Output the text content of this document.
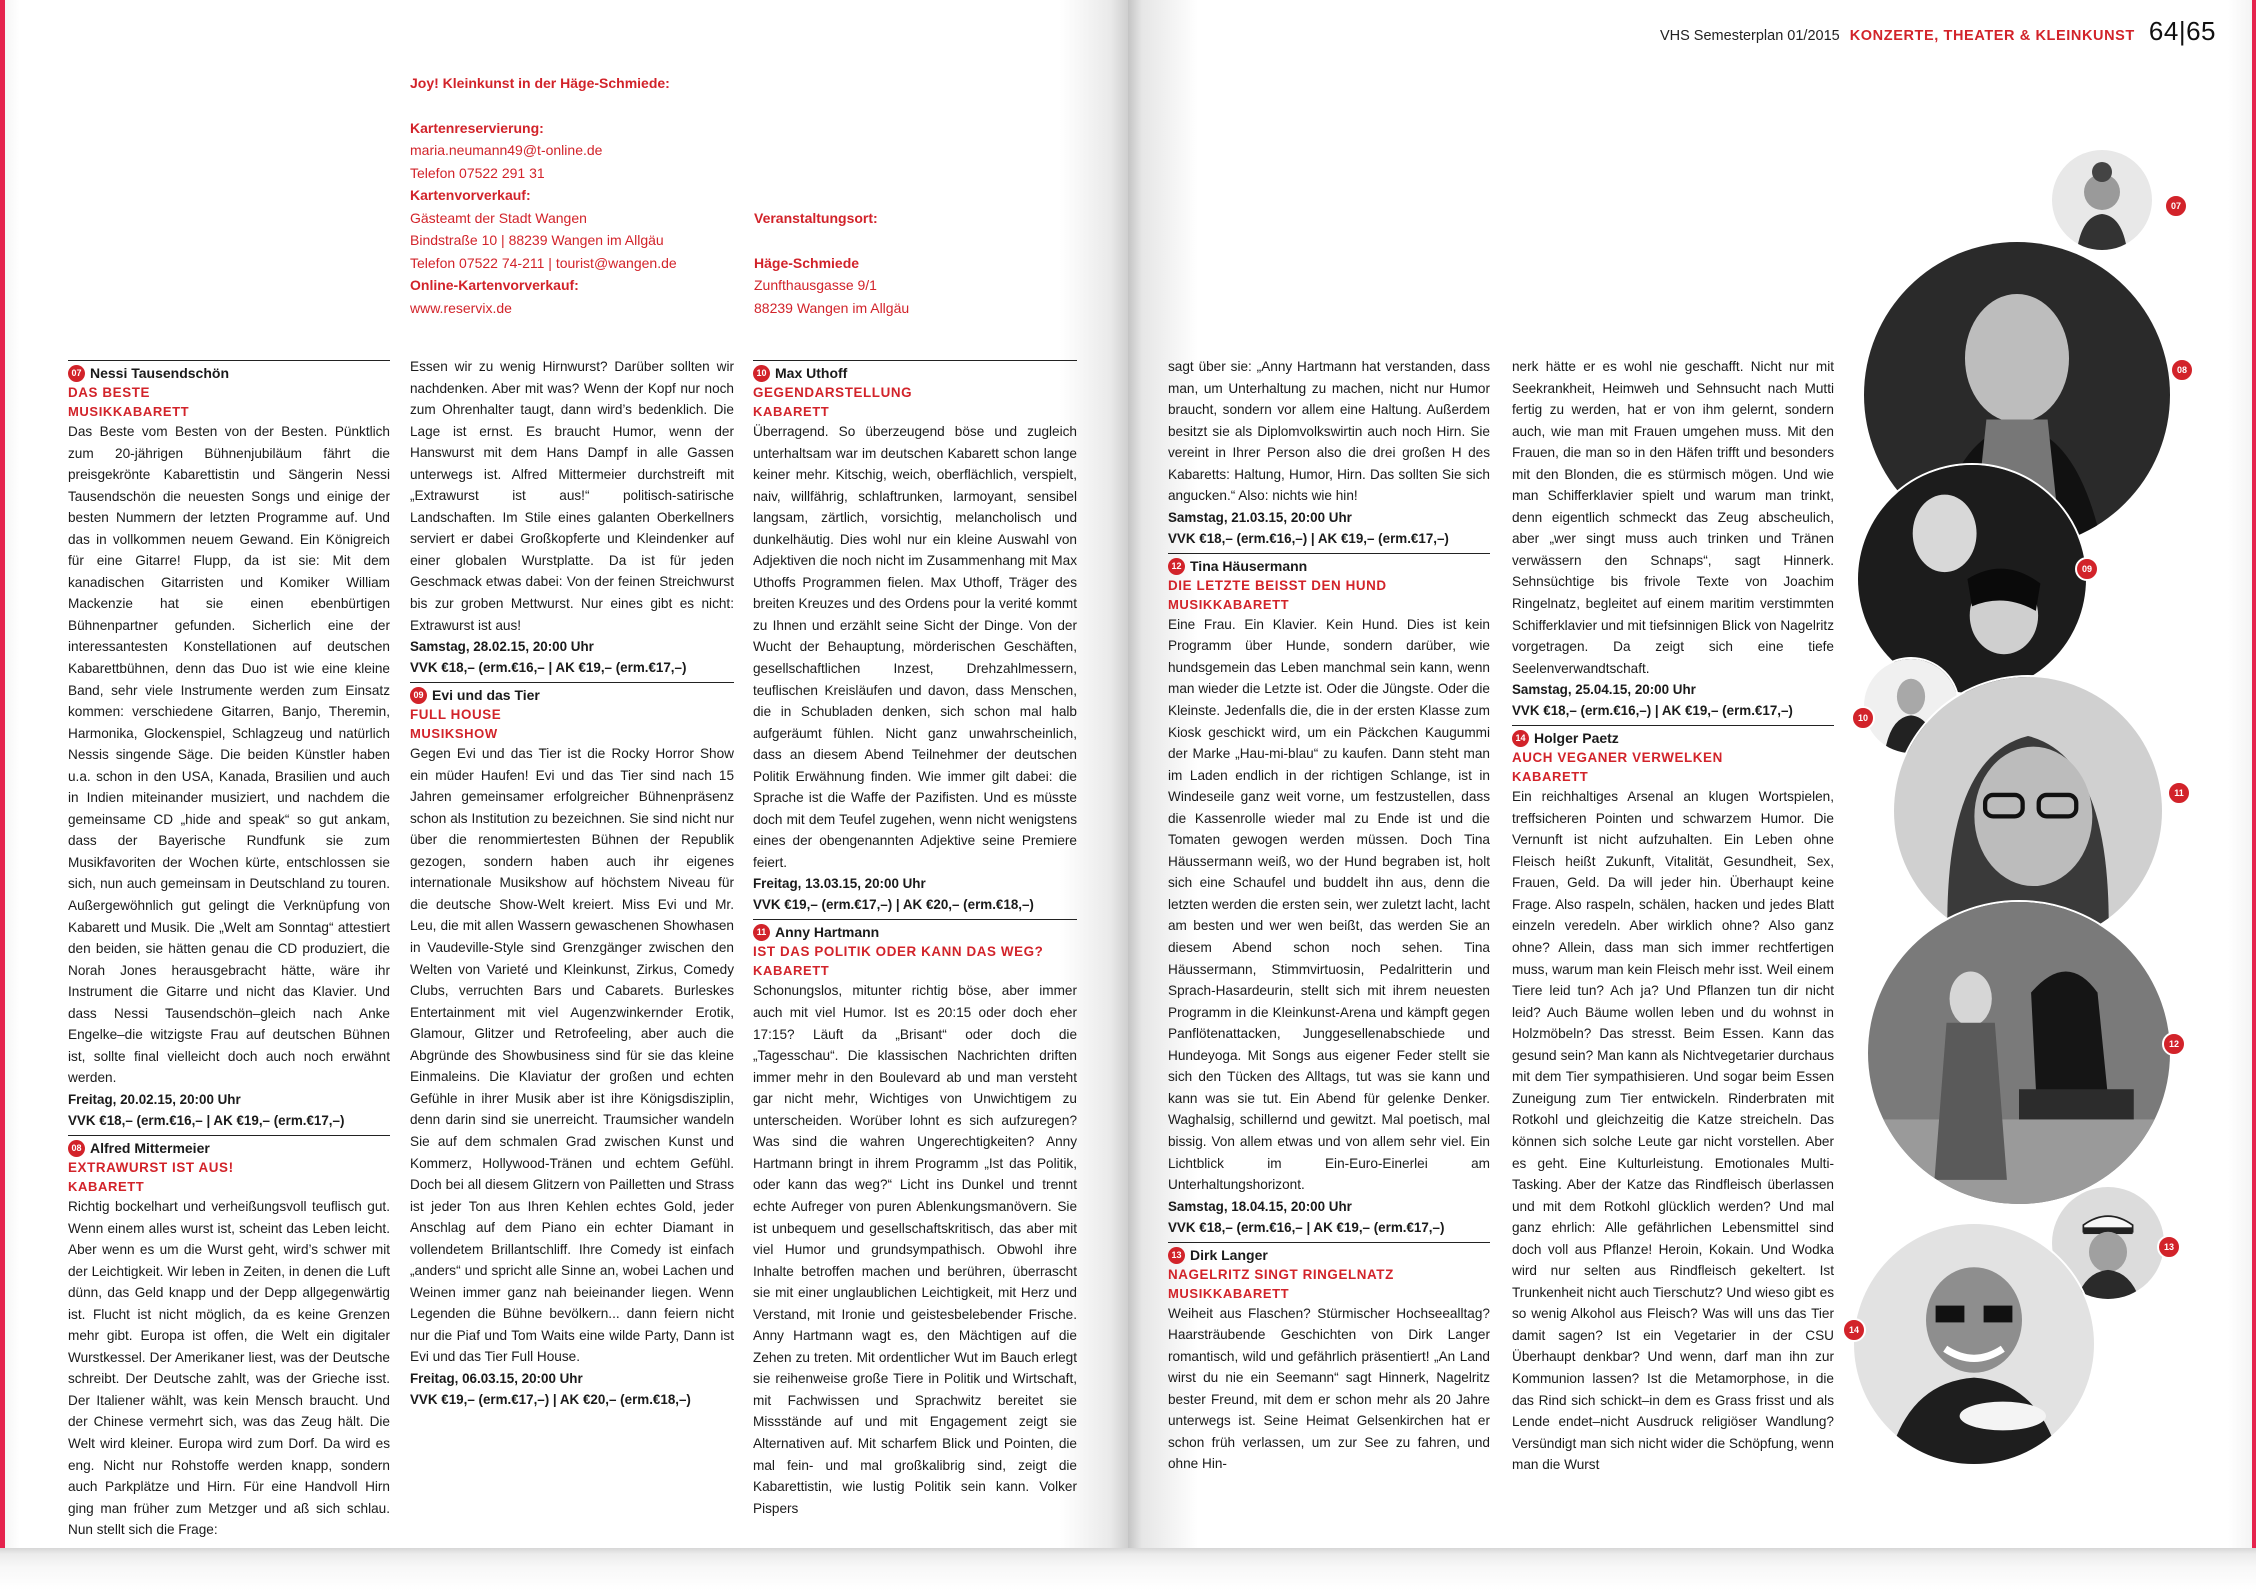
VHS Semesterplan 01/2015 KONZERTE, THEATER & KLEINKUNST 64|65
Joy! Kleinkunst in der Häge-Schmiede:
Kartenreservierung:
maria.neumann49@t-online.de
Telefon 07522 291 31
Kartenvorverkauf:
Gästeamt der Stadt Wangen
Bindstraße 10 | 88239 Wangen im Allgäu
Telefon 07522 74-211 | tourist@wangen.de
Online-Kartenvorverkauf:
www.reservix.de
Veranstaltungsort:
Häge-Schmiede
Zunfthausgasse 9/1
88239 Wangen im Allgäu
07 Nessi Tausendschön
DAS BESTE
MUSIKKABARETT

Das Beste vom Besten von der Besten. Pünktlich zum 20-jährigen Bühnenjubiläum fährt die preisgekrönte Kabarettistin und Sängerin Nessi Tausendschön die neuesten Songs und einige der besten Nummern der letzten Programme auf. Und das in vollkommen neuem Gewand. Ein Königreich für eine Gitarre! Flupp, da ist sie: Mit dem kanadischen Gitarristen und Komiker William Mackenzie hat sie einen ebenbürtigen Bühnenpartner gefunden. Sicherlich eine der interessantesten Konstellationen auf deutschen Kabarettbühnen, denn das Duo ist wie eine kleine Band, sehr viele Instrumente werden zum Einsatz kommen: verschiedene Gitarren, Banjo, Theremin, Harmonika, Glockenspiel, Schlagzeug und natürlich Nessis singende Säge. Die beiden Künstler haben u.a. schon in den USA, Kanada, Brasilien und auch in Indien miteinander musiziert, und nachdem die gemeinsame CD „hide and speak“ so gut ankam, dass der Bayerische Rundfunk sie zum Musikfavoriten der Wochen kürte, entschlossen sie sich, nun auch gemeinsam in Deutschland zu touren. Außergewöhnlich gut gelingt die Verknüpfung von Kabarett und Musik. Die „Welt am Sonntag“ attestiert den beiden, sie hätten genau die CD produziert, die Norah Jones herausgebracht hätte, wäre ihr Instrument die Gitarre und nicht das Klavier. Und dass Nessi Tausendschön–gleich nach Anke Engelke–die witzigste Frau auf deutschen Bühnen ist, sollte final vielleicht doch auch noch erwähnt werden.

Freitag, 20.02.15, 20:00 Uhr
VVK €18,– (erm.€16,– | AK €19,– (erm.€17,–)
08 Alfred Mittermeier
EXTRAWURST IST AUS!
KABARETT

Richtig bockelhart und verheißungsvoll teuflisch gut. Wenn einem alles wurst ist, scheint das Leben leicht. Aber wenn es um die Wurst geht, wird’s schwer mit der Leichtigkeit. Wir leben in Zeiten, in denen die Luft dünn, das Geld knapp und der Depp allgegenwärtig ist. Flucht ist nicht möglich, da es keine Grenzen mehr gibt. Europa ist offen, die Welt ein digitaler Wurstkessel. Der Amerikaner liest, was der Deutsche schreibt. Der Deutsche zahlt, was der Grieche isst. Der Italiener wählt, was kein Mensch braucht. Und der Chinese vermehrt sich, was das Zeug hält. Die Welt wird kleiner. Europa wird zum Dorf. Da wird es eng. Nicht nur Rohstoffe werden knapp, sondern auch Parkplätze und Hirn. Für eine Handvoll Hirn ging man früher zum Metzger und aß sich schlau. Nun stellt sich die Frage:

Essen wir zu wenig Hirnwurst? Darüber sollten wir nachdenken. Aber mit was? Wenn der Kopf nur noch zum Ohrenhalter taugt, dann wird’s bedenklich. Die Lage ist ernst. Es braucht Humor, wenn der Hanswurst mit dem Hans Dampf in alle Gassen unterwegs ist. Alfred Mittermeier durchstreift mit „Extrawurst ist aus!“ politisch-satirische Landschaften. Im Stile eines galanten Oberkellners serviert er dabei Großkopferte und Kleindenker auf einer globalen Wurstplatte. Da ist für jeden Geschmack etwas dabei: Von der feinen Streichwurst bis zur groben Mettwurst. Nur eines gibt es nicht: Extrawurst ist aus!

Samstag, 28.02.15, 20:00 Uhr
VVK €18,– (erm.€16,– | AK €19,– (erm.€17,–)
09 Evi und das Tier
FULL HOUSE
MUSIKSHOW

Gegen Evi und das Tier ist die Rocky Horror Show ein müder Haufen! Evi und das Tier sind nach 15 Jahren gemeinsamer erfolgreicher Bühnenpräsenz schon als Institution zu bezeichnen. Sie sind nicht nur über die renommiertesten Bühnen der Republik gezogen, sondern haben auch ihr eigenes internationale Musikshow auf höchstem Niveau für die deutsche Show-Welt kreiert. Miss Evi und Mr. Leu, die mit allen Wassern gewaschenen Showhasen in Vaudeville-Style sind Grenzgänger zwischen den Welten von Varieté und Kleinkunst, Zirkus, Comedy Clubs, verruchten Bars und Cabarets. Burleskes Entertainment mit viel Augenzwinkernder Erotik, Glamour, Glitzer und Retrofeeling, aber auch die Abgründe des Showbusiness sind für sie das kleine Einmaleins. Die Klaviatur der großen und echten Gefühle in ihrer Musik aber ist ihre Königsdisziplin, denn darin sind sie unerreicht. Traumsicher wandeln Sie auf dem schmalen Grad zwischen Kunst und Kommerz, Hollywood-Tränen und echtem Gefühl. Doch bei all diesem Glitzern von Pailletten und Strass ist jeder Ton aus Ihren Kehlen echtes Gold, jeder Anschlag auf dem Piano ein echter Diamant in vollendetem Brillantschliff. Ihre Comedy ist einfach „anders“ und spricht alle Sinne an, wobei Lachen und Weinen immer ganz nah beieinander liegen. Wenn Legenden die Bühne bevölkern... dann feiern nicht nur die Piaf und Tom Waits eine wilde Party, Dann ist Evi und das Tier Full House.

Freitag, 06.03.15, 20:00 Uhr
VVK €19,– (erm.€17,–) | AK €20,– (erm.€18,–)
10 Max Uthoff
GEGENDARSTELLUNG
KABARETT

Überragend. So überzeugend böse und zugleich unterhaltsam war im deutschen Kabarett schon lange keiner mehr. Kitschig, weich, oberflächlich, verspielt, naiv, willfährig, schlaftrunken, larmoyant, sensibel langsam, zärtlich, vorsichtig, melancholisch und dunkelhäutig. Dies wohl nur ein kleine Auswahl von Adjektiven die noch nicht im Zusammenhang mit Max Uthoffs Programmen fielen. Max Uthoff, Träger des breiten Kreuzes und des Ordens pour la verité kommt zu Ihnen und erzählt seine Sicht der Dinge. Von der Wucht der Behauptung, mörderischen Geschäften, gesellschaftlichen Inzest, Drehzahlmessern, teuflischen Kreisläufen und davon, dass Menschen, die in Schubladen denken, sich schon mal halb aufgeräumt fühlen. Nicht ganz unwahrscheinlich, dass an diesem Abend Teilnehmer der deutschen Politik Erwähnung finden. Wie immer gilt dabei: die Sprache ist die Waffe der Pazifisten. Und es müsste doch mit dem Teufel zugehen, wenn nicht wenigstens eines der obengenannten Adjektive seine Premiere feiert.

Freitag, 13.03.15, 20:00 Uhr
VVK €19,– (erm.€17,–) | AK €20,– (erm.€18,–)
11 Anny Hartmann
IST DAS POLITIK ODER KANN DAS WEG?
KABARETT

Schonungslos, mitunter richtig böse, aber immer auch mit viel Humor. Ist es 20:15 oder doch eher 17:15? Läuft da „Brisant“ oder doch die „Tagesschau“. Die klassischen Nachrichten driften immer mehr in den Boulevard ab und man versteht gar nicht mehr, Wichtiges von Unwichtigem zu unterscheiden. Worüber lohnt es sich aufzuregen? Was sind die wahren Ungerechtigkeiten? Anny Hartmann bringt in ihrem Programm „Ist das Politik, oder kann das weg?“ Licht ins Dunkel und trennt echte Aufreger von puren Ablenkungsmanövern. Sie ist unbequem und gesellschaftskritisch, das aber mit viel Humor und grundsympathisch. Obwohl ihre Inhalte betroffen machen und berühren, überrascht sie mit einer unglaublichen Leichtigkeit, mit Herz und Verstand, mit Ironie und geistesbelebender Frische. Anny Hartmann wagt es, den Mächtigen auf die Zehen zu treten. Mit ordentlicher Wut im Bauch erlegt sie reihenweise große Tiere in Politik und Wirtschaft, mit Fachwissen und Sprachwitz bereitet sie Missstände auf und mit Engagement zeigt sie Alternativen auf. Mit scharfem Blick und Pointen, die mal fein- und mal großkalibrig sind, zeigt die Kabarettistin, wie lustig Politik sein kann. Volker Pispers

sagt über sie: „Anny Hartmann hat verstanden, dass man, um Unterhaltung zu machen, nicht nur Humor braucht, sondern vor allem eine Haltung. Außerdem besitzt sie als Diplomvolkswirtin auch noch Hirn. Sie vereint in Ihrer Person also die drei großen H des Kabaretts: Haltung, Humor, Hirn. Das sollten Sie sich angucken.“ Also: nichts wie hin!

Samstag, 21.03.15, 20:00 Uhr
VVK €18,– (erm.€16,–) | AK €19,– (erm.€17,–)
12 Tina Häusermann
DIE LETZTE BEISST DEN HUND
MUSIKKABARETT

Eine Frau. Ein Klavier. Kein Hund. Dies ist kein Programm über Hunde, sondern darüber, wie hundsgemein das Leben manchmal sein kann, wenn man wieder die Letzte ist. Oder die Jüngste. Oder die Kleinste. Jedenfalls die, die in der ersten Klasse zum Kiosk geschickt wird, um ein Päckchen Kaugummi der Marke „Hau-mi-blau“ zu kaufen. Dann steht man im Laden endlich in der richtigen Schlange, ist in Windeseile ganz weit vorne, um festzustellen, dass die Kassenrolle wieder mal zu Ende ist und die Tomaten gewogen werden müssen. Doch Tina Häussermann weiß, wo der Hund begraben ist, holt sich eine Schaufel und buddelt ihn aus, denn die letzten werden die ersten sein, wer zuletzt lacht, lacht am besten und wer wen beißt, das werden Sie an diesem Abend schon noch sehen. Tina Häussermann, Stimmvirtuosin, Pedalritterin und Sprach-Hasardeurin, stellt sich mit ihrem neuesten Programm in die Kleinkunst-Arena und kämpft gegen Panflötenattacken, Junggesellenabschiede und Hundeyoga. Mit Songs aus eigener Feder stellt sie sich den Tücken des Alltags, tut was sie kann und kann was sie tut. Ein Abend für gelenke Denker. Waghalsig, schillernd und gewitzt. Mal poetisch, mal bissig. Von allem etwas und von allem sehr viel. Ein Lichtblick im Ein-Euro-Einerlei am Unterhaltungshorizont.

Samstag, 18.04.15, 20:00 Uhr
VVK €18,– (erm.€16,– | AK €19,– (erm.€17,–)
13 Dirk Langer
NAGELRITZ SINGT RINGELNATZ
MUSIKKABARETT

Weiheit aus Flaschen? Stürmischer Hochseealltag? Haarsträubende Geschichten von Dirk Langer romantisch, wild und gefährlich präsentiert! „An Land wirst du nie ein Seemann“ sagt Hinnerk, Nagelritz bester Freund, mit dem er schon mehr als 20 Jahre unterwegs ist. Seine Heimat Gelsenkirchen hat er schon früh verlassen, um zur See zu fahren, und ohne Hin-

nerk hätte er es wohl nie geschafft. Nicht nur mit Seekrankheit, Heimweh und Sehnsucht nach Mutti fertig zu werden, hat er von ihm gelernt, sondern auch, wie man mit Frauen umgehen muss. Mit den Frauen, die man so in den Häfen trifft und besonders mit den Blonden, die es stürmisch mögen. Und wie man Schifferklavier spielt und warum man trinkt, denn eigentlich schmeckt das Zeug abscheulich, aber „wer singt muss auch trinken und Tränen verwässern den Schnaps“, sagt Hinnerk. Sehnsüchtige bis frivole Texte von Joachim Ringelnatz, begleitet auf einem maritim verstimmten Schifferklavier und mit tiefsinnigen Blick von Nagelritz vorgetragen. Da zeigt sich eine tiefe Seelenverwandtschaft.

Samstag, 25.04.15, 20:00 Uhr
VVK €18,– (erm.€16,–) | AK €19,– (erm.€17,–)
14 Holger Paetz
AUCH VEGANER VERWELKEN
KABARETT

Ein reichhaltiges Arsenal an klugen Wortspielen, treffsicheren Pointen und schwarzem Humor. Die Vernunft ist nicht aufzuhalten. Ein Leben ohne Fleisch heißt Zukunft, Vitalität, Gesundheit, Sex, Frauen, Geld. Da will jeder hin. Überhaupt keine Frage. Also raspeln, schälen, hacken und jedes Blatt einzeln veredeln. Aber wirklich ohne? Also ganz ohne? Allein, dass man sich immer rechtfertigen muss, warum man kein Fleisch mehr isst. Weil einem Tiere leid tun? Ach ja? Und Pflanzen tun dir nicht leid? Auch Bäume wollen leben und du wohnst in Holzmöbeln? Das stresst. Beim Essen. Kann das gesund sein? Man kann als Nichtvegetarier durchaus mit dem Tier sympathisieren. Und sogar beim Essen Zuneigung zum Tier entwickeln. Rinderbraten mit Rotkohl und gleichzeitig die Katze streicheln. Das können sich solche Leute gar nicht vorstellen. Aber es geht. Eine Kulturleistung. Emotionales Multi-Tasking. Aber der Katze das Rindfleisch überlassen und mit dem Rotkohl glücklich werden? Und mal ganz ehrlich: Alle gefährlichen Lebensmittel sind doch voll aus Pflanze! Heroin, Kokain. Und Wodka wird nur selten aus Rindfleisch gekeltert. Ist Trunkenheit nicht auch Tierschutz? Und wieso gibt es so wenig Alkohol aus Fleisch? Was will uns das Tier damit sagen? Ist ein Vegetarier in der CSU Überhaupt denkbar? Und wenn, darf man ihn zur Kommunion lassen? Ist die Metamorphose, in die das Rind sich schickt–in dem es Grass frisst und als Lende endet–nicht Ausdruck religiöser Wandlung? Versündigt man sich nicht wider die Schöpfung, wenn man die Wurst

07
08
09
10
11
12
13
14
